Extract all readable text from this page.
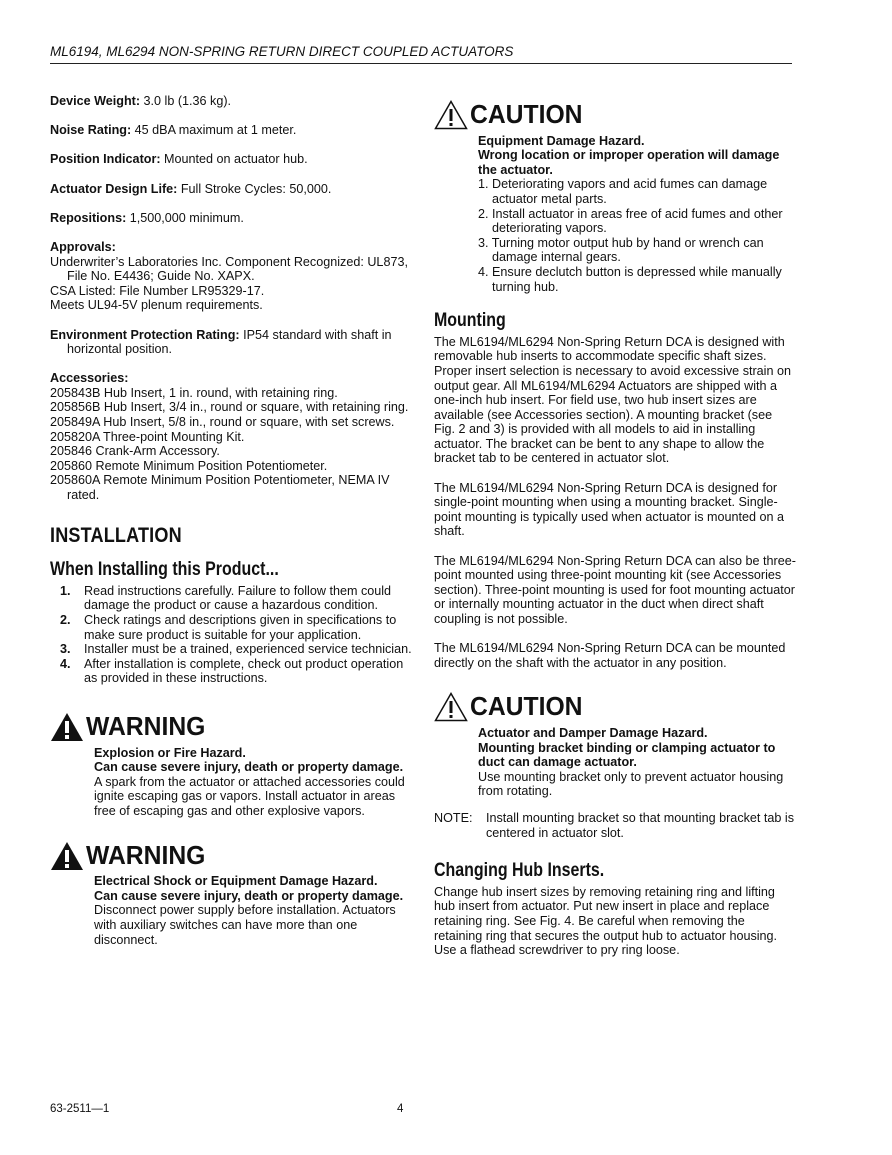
ML6194, ML6294 NON-SPRING RETURN DIRECT COUPLED ACTUATORS

Device Weight: 3.0 lb (1.36 kg).

Noise Rating: 45 dBA maximum at 1 meter.

Position Indicator: Mounted on actuator hub.

Actuator Design Life: Full Stroke Cycles: 50,000.

Repositions: 1,500,000 minimum.

Approvals:
Underwriter’s Laboratories Inc. Component Recognized: UL873, File No. E4436; Guide No. XAPX.
CSA Listed: File Number LR95329-17.
Meets UL94-5V plenum requirements.

Environment Protection Rating: IP54 standard with shaft in horizontal position.

Accessories:
205843B Hub Insert, 1 in. round, with retaining ring.
205856B Hub Insert, 3/4 in., round or square, with retaining ring.
205849A Hub Insert, 5/8 in., round or square, with set screws.
205820A Three-point Mounting Kit.
205846 Crank-Arm Accessory.
205860 Remote Minimum Position Potentiometer.
205860A Remote Minimum Position Potentiometer, NEMA IV rated.

INSTALLATION
When Installing this Product...
1.	Read instructions carefully. Failure to follow them could damage the product or cause a hazardous condition.
2.	Check ratings and descriptions given in specifications to make sure product is suitable for your application.
3.	Installer must be a trained, experienced service technician.
4.	After installation is complete, check out product operation as provided in these instructions.
WARNING
Explosion or Fire Hazard.
Can cause severe injury, death or property damage.
A spark from the actuator or attached accessories could ignite escaping gas or vapors. Install actuator in areas free of escaping gas and other explosive vapors.
WARNING
Electrical Shock or Equipment Damage Hazard.
Can cause severe injury, death or property damage.
Disconnect power supply before installation. Actuators with auxiliary switches can have more than one disconnect.
CAUTION
Equipment Damage Hazard.
Wrong location or improper operation will damage the actuator.
1. Deteriorating vapors and acid fumes can damage actuator metal parts.
2. Install actuator in areas free of acid fumes and other deteriorating vapors.
3. Turning motor output hub by hand or wrench can damage internal gears.
4. Ensure declutch button is depressed while manually turning hub.
Mounting

The ML6194/ML6294 Non-Spring Return DCA is designed with removable hub inserts to accommodate specific shaft sizes. Proper insert selection is necessary to avoid excessive strain on output gear. All ML6194/ML6294 Actuators are shipped with a one-inch hub insert. For field use, two hub insert sizes are available (see Accessories section). A mounting bracket (see Fig. 2 and 3) is provided with all models to aid in installing actuator. The bracket can be bent to any shape to allow the bracket tab to be centered in actuator slot.

The ML6194/ML6294 Non-Spring Return DCA is designed for single-point mounting when using a mounting bracket. Single-point mounting is typically used when actuator is mounted on a shaft.

The ML6194/ML6294 Non-Spring Return DCA can also be three-point mounted using three-point mounting kit (see Accessories section). Three-point mounting is used for foot mounting actuator or internally mounting actuator in the duct when direct shaft coupling is not possible.

The ML6194/ML6294 Non-Spring Return DCA can be mounted directly on the shaft with the actuator in any position.

CAUTION
Actuator and Damper Damage Hazard.
Mounting bracket binding or clamping actuator to duct can damage actuator.
Use mounting bracket only to prevent actuator housing from rotating.
NOTE:	Install mounting bracket so that mounting bracket tab is centered in actuator slot.
Changing Hub Inserts.

Change hub insert sizes by removing retaining ring and lifting hub insert from actuator. Put new insert in place and replace retaining ring. See Fig. 4. Be careful when removing the retaining ring that secures the output hub to actuator housing. Use a flathead screwdriver to pry ring loose.

63-2511—1	4
